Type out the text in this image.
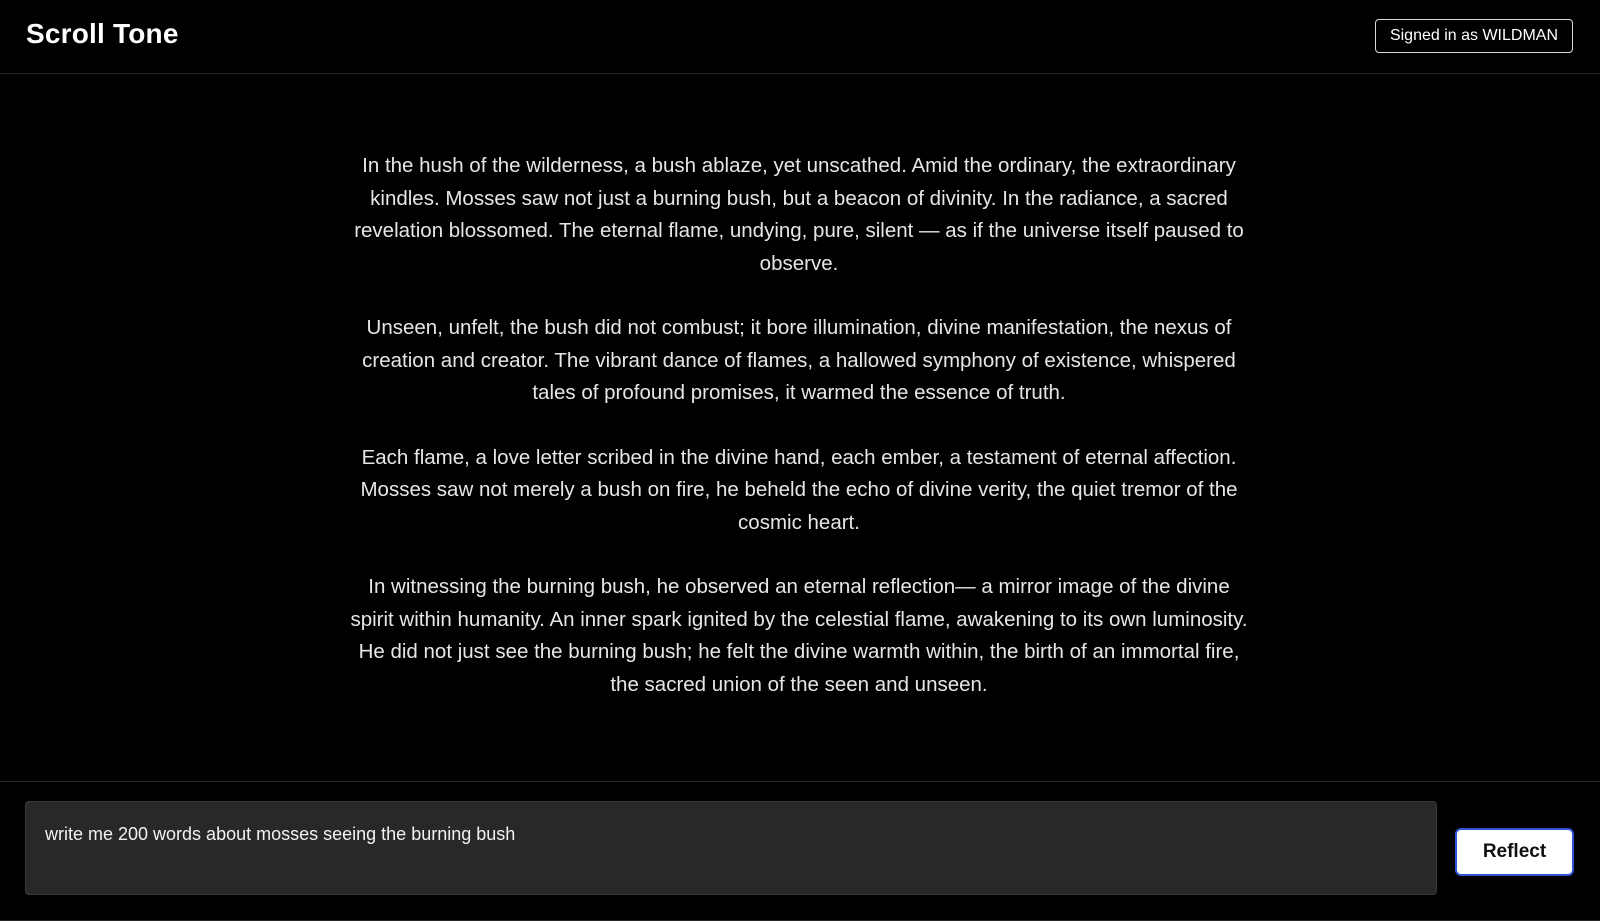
Scroll Tone	Signed in as WILDMAN

In the hush of the wilderness, a bush ablaze, yet unscathed. Amid the ordinary, the extraordinary kindles. Mosses saw not just a burning bush, but a beacon of divinity. In the radiance, a sacred revelation blossomed. The eternal flame, undying, pure, silent — as if the universe itself paused to observe.

Unseen, unfelt, the bush did not combust; it bore illumination, divine manifestation, the nexus of creation and creator. The vibrant dance of flames, a hallowed symphony of existence, whispered tales of profound promises, it warmed the essence of truth.

Each flame, a love letter scribed in the divine hand, each ember, a testament of eternal affection. Mosses saw not merely a bush on fire, he beheld the echo of divine verity, the quiet tremor of the cosmic heart.

In witnessing the burning bush, he observed an eternal reflection— a mirror image of the divine spirit within humanity. An inner spark ignited by the celestial flame, awakening to its own luminosity. He did not just see the burning bush; he felt the divine warmth within, the birth of an immortal fire, the sacred union of the seen and unseen.

write me 200 words about mosses seeing the burning bush
Reflect
